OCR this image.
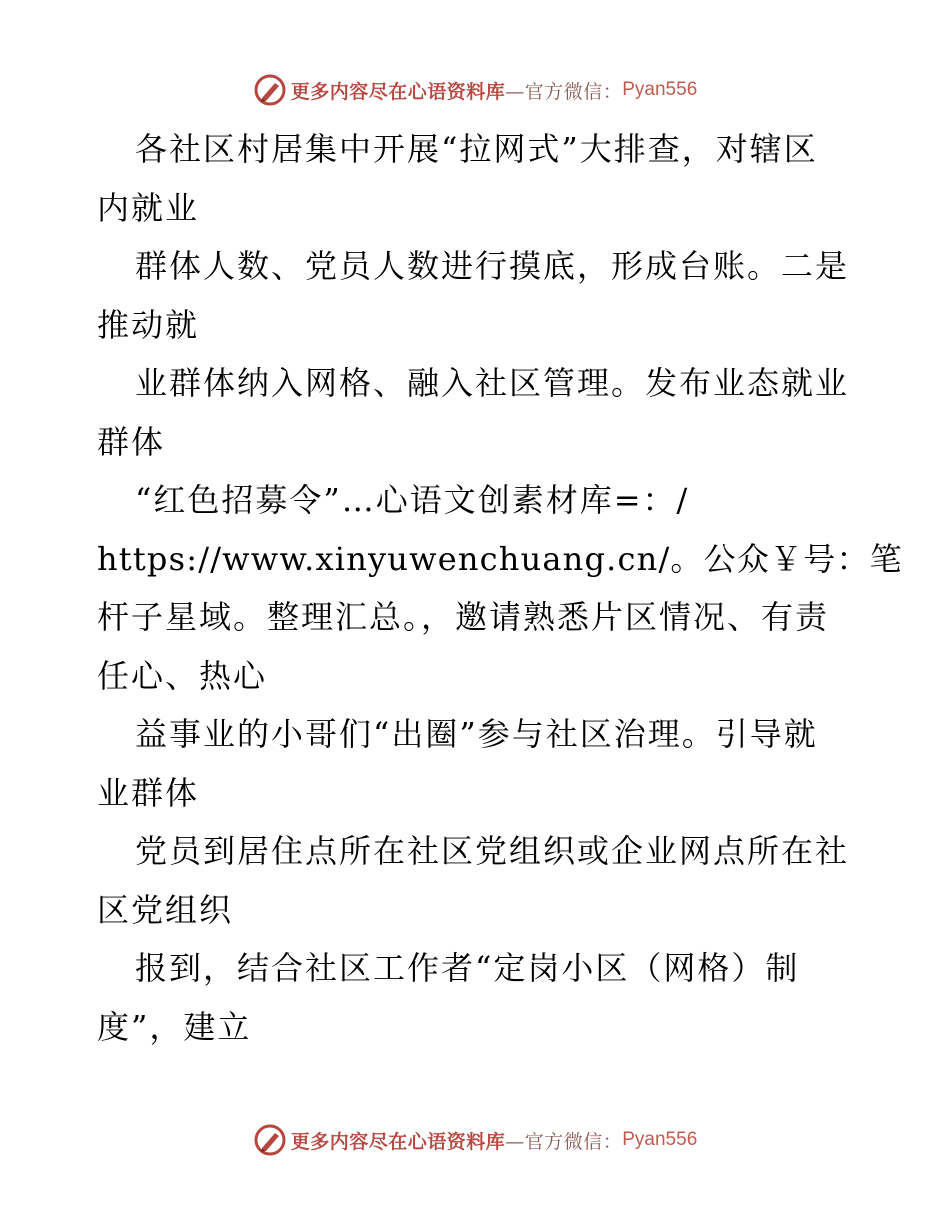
更多内容尽在心语资料库 —官方微信： Pyan556
各社区村居集中开展“拉网式”大排查，对辖区
内就业
群体人数、党员人数进行摸底，形成台账。二是
推动就
业群体纳入网格、融入社区管理。发布业态就业
群体
“红色招募令”…心语文创素材库=：/
https://www.xinyuwenchuang.cn/。公众￥号：笔
杆子星域。整理汇总。，邀请熟悉片区情况、有责
任心、热心
益事业的小哥们“出圈”参与社区治理。引导就
业群体
党员到居住点所在社区党组织或企业网点所在社
区党组织
报到，结合社区工作者“定岗小区（网格）制
度”，建立
更多内容尽在心语资料库 —官方微信： Pyan556
